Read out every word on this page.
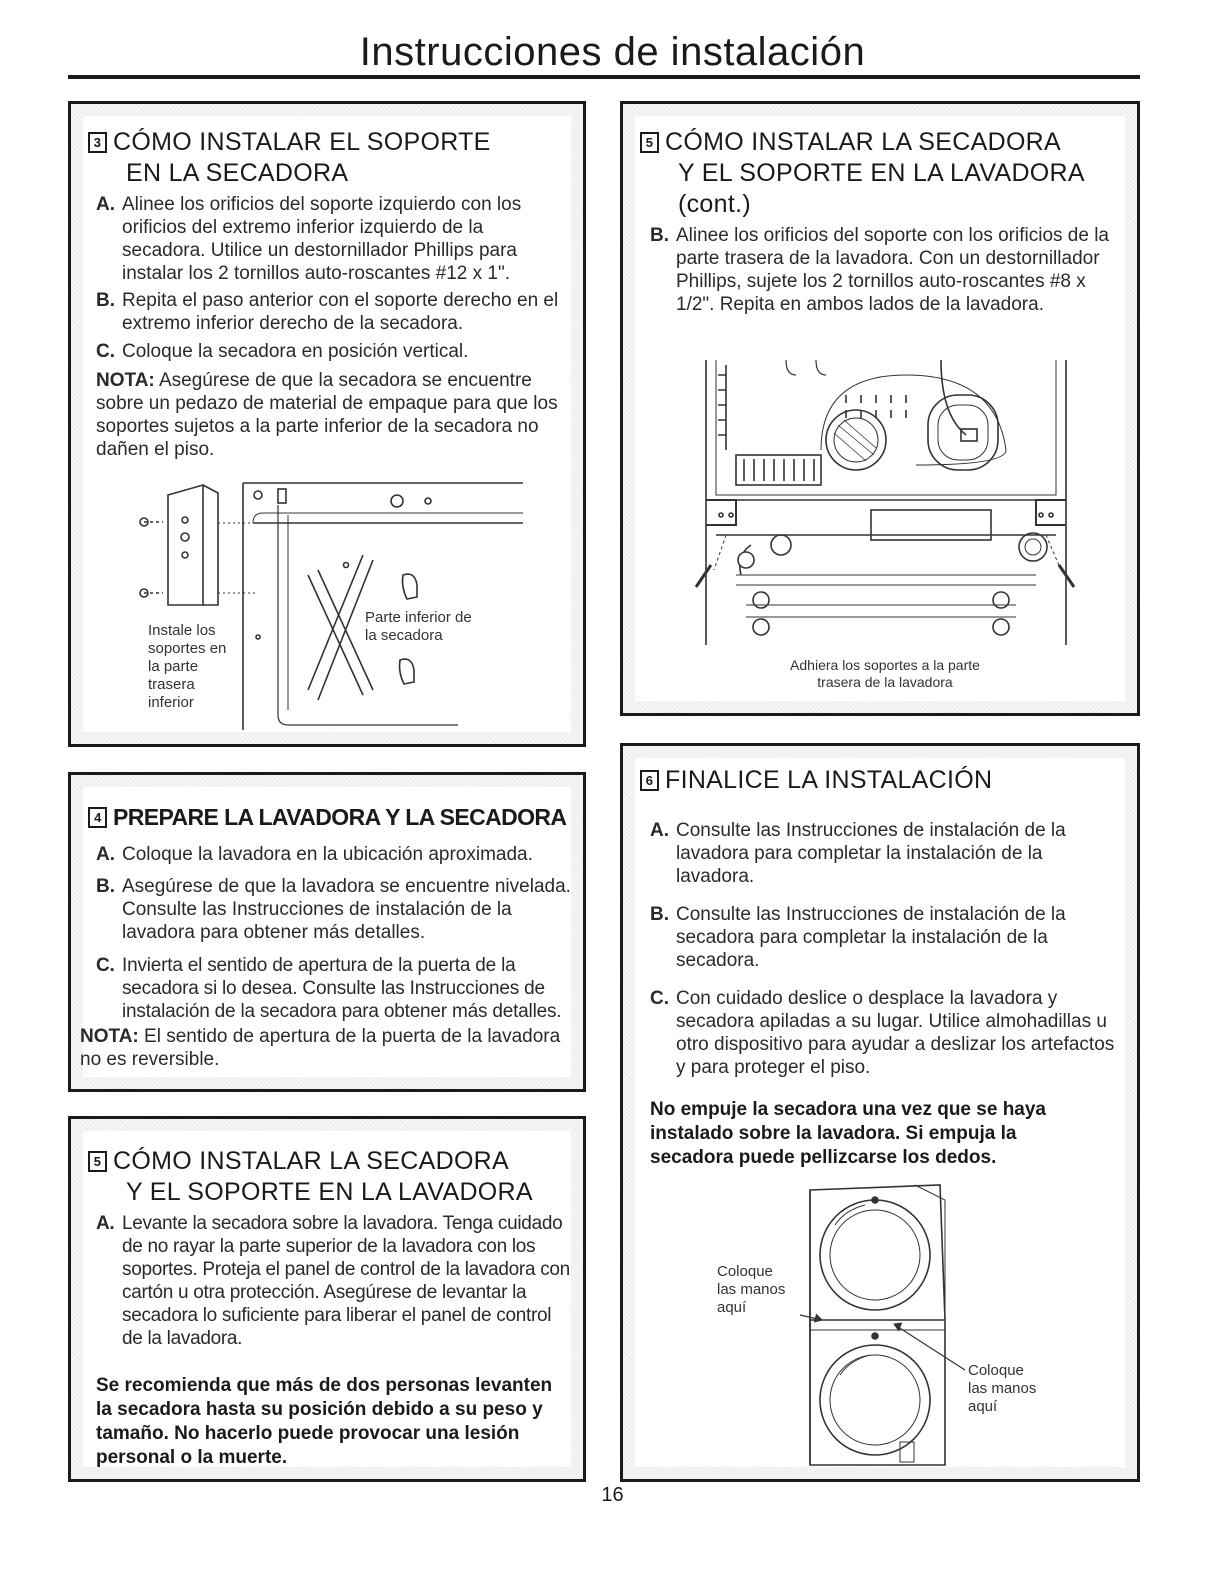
Instrucciones de instalación
3 CÓMO INSTALAR EL SOPORTE
EN LA SECADORA
A. Alinee los orificios del soporte izquierdo con los orificios del extremo inferior izquierdo de la secadora. Utilice un destornillador Phillips para instalar los 2 tornillos auto-roscantes #12 x 1".
B. Repita el paso anterior con el soporte derecho en el extremo inferior derecho de la secadora.
C. Coloque la secadora en posición vertical.
NOTA: Asegúrese de que la secadora se encuentre sobre un pedazo de material de empaque para que los soportes sujetos a la parte inferior de la secadora no dañen el piso.
Instale los soportes en la parte trasera inferior
Parte inferior de la secadora
4 PREPARE LA LAVADORA Y LA SECADORA
A. Coloque la lavadora en la ubicación aproximada.
B. Asegúrese de que la lavadora se encuentre nivelada. Consulte las Instrucciones de instalación de la lavadora para obtener más detalles.
C. Invierta el sentido de apertura de la puerta de la secadora si lo desea. Consulte las Instrucciones de instalación de la secadora para obtener más detalles.
NOTA: El sentido de apertura de la puerta de la lavadora no es reversible.
5 CÓMO INSTALAR LA SECADORA
Y EL SOPORTE EN LA LAVADORA
A. Levante la secadora sobre la lavadora. Tenga cuidado de no rayar la parte superior de la lavadora con los soportes. Proteja el panel de control de la lavadora con cartón u otra protección. Asegúrese de levantar la secadora lo suficiente para liberar el panel de control de la lavadora.
Se recomienda que más de dos personas levanten la secadora hasta su posición debido a su peso y tamaño. No hacerlo puede provocar una lesión personal o la muerte.
5 CÓMO INSTALAR LA SECADORA
Y EL SOPORTE EN LA LAVADORA
(cont.)
B. Alinee los orificios del soporte con los orificios de la parte trasera de la lavadora. Con un destornillador Phillips, sujete los 2 tornillos auto-roscantes #8 x 1/2". Repita en ambos lados de la lavadora.
Adhiera los soportes a la parte trasera de la lavadora
6 FINALICE LA INSTALACIÓN
A. Consulte las Instrucciones de instalación de la lavadora para completar la instalación de la lavadora.
B. Consulte las Instrucciones de instalación de la secadora para completar la instalación de la secadora.
C. Con cuidado deslice o desplace la lavadora y secadora apiladas a su lugar. Utilice almohadillas u otro dispositivo para ayudar a deslizar los artefactos y para proteger el piso.
No empuje la secadora una vez que se haya instalado sobre la lavadora. Si empuja la secadora puede pellizcarse los dedos.
Coloque las manos aquí
Coloque las manos aquí
16
